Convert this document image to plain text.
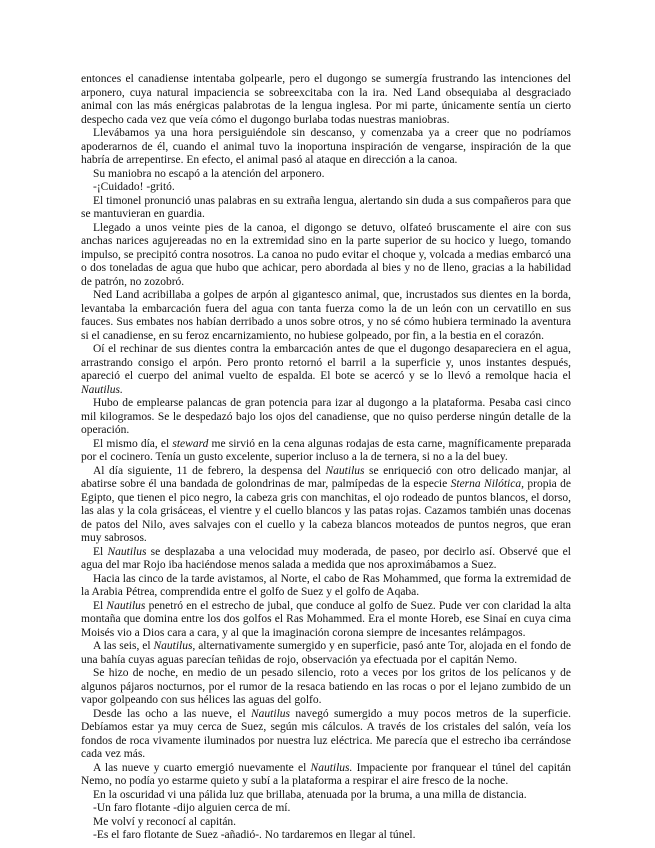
entonces el canadiense intentaba golpearle, pero el dugongo se sumergía frustrando las intenciones del arponero, cuya natural impaciencia se sobreexcitaba con la ira. Ned Land obsequiaba al desgraciado animal con las más enérgicas palabrotas de la lengua inglesa. Por mi parte, únicamente sentía un cierto despecho cada vez que veía cómo el dugongo burlaba todas nuestras maniobras.

Llevábamos ya una hora persiguiéndole sin descanso, y comenzaba ya a creer que no podríamos apoderarnos de él, cuando el animal tuvo la inoportuna inspiración de vengarse, inspiración de la que habría de arrepentirse. En efecto, el animal pasó al ataque en dirección a la canoa.

Su maniobra no escapó a la atención del arponero.

-¡Cuidado! -gritó.

El timonel pronunció unas palabras en su extraña lengua, alertando sin duda a sus compañeros para que se mantuvieran en guardia.

Llegado a unos veinte pies de la canoa, el digongo se detuvo, olfateó bruscamente el aire con sus anchas narices agujereadas no en la extremidad sino en la parte superior de su hocico y luego, tomando impulso, se precipitó contra nosotros. La canoa no pudo evitar el choque y, volcada a medias embarcó una o dos toneladas de agua que hubo que achicar, pero abordada al bies y no de lleno, gracias a la habilidad de patrón, no zozobró.

Ned Land acribillaba a golpes de arpón al gigantesco animal, que, incrustados sus dientes en la borda, levantaba la embarcación fuera del agua con tanta fuerza como la de un león con un cervatillo en sus fauces. Sus embates nos habían derribado a unos sobre otros, y no sé cómo hubiera terminado la aventura si el canadiense, en su feroz encarnizamiento, no hubiese golpeado, por fin, a la bestia en el corazón.

Oí el rechinar de sus dientes contra la embarcación antes de que el dugongo desapareciera en el agua, arrastrando consigo el arpón. Pero pronto retornó el barril a la superficie y, unos instantes después, apareció el cuerpo del animal vuelto de espalda. El bote se acercó y se lo llevó a remolque hacia el Nautilus.

Hubo de emplearse palancas de gran potencia para izar al dugongo a la plataforma. Pesaba casi cinco mil kilogramos. Se le despedazó bajo los ojos del canadiense, que no quiso perderse ningún detalle de la operación.

El mismo día, el steward me sirvió en la cena algunas rodajas de esta carne, magníficamente preparada por el cocinero. Tenía un gusto excelente, superior incluso a la de ternera, si no a la del buey.

Al día siguiente, 11 de febrero, la despensa del Nautilus se enriqueció con otro delicado manjar, al abatirse sobre él una bandada de golondrinas de mar, palmípedas de la especie Sterna Nilótica, propia de Egipto, que tienen el pico negro, la cabeza gris con manchitas, el ojo rodeado de puntos blancos, el dorso, las alas y la cola grisáceas, el vientre y el cuello blancos y las patas rojas. Cazamos también unas docenas de patos del Nilo, aves salvajes con el cuello y la cabeza blancos moteados de puntos negros, que eran muy sabrosos.

El Nautilus se desplazaba a una velocidad muy moderada, de paseo, por decirlo así. Observé que el agua del mar Rojo iba haciéndose menos salada a medida que nos aproximábamos a Suez.

Hacia las cinco de la tarde avistamos, al Norte, el cabo de Ras Mohammed, que forma la extremidad de la Arabia Pétrea, comprendida entre el golfo de Suez y el golfo de Aqaba.

El Nautilus penetró en el estrecho de jubal, que conduce al golfo de Suez. Pude ver con claridad la alta montaña que domina entre los dos golfos el Ras Mohammed. Era el monte Horeb, ese Sinaí en cuya cima Moisés vio a Dios cara a cara, y al que la imaginación corona siempre de incesantes relámpagos.

A las seis, el Nautilus, alternativamente sumergido y en superficie, pasó ante Tor, alojada en el fondo de una bahía cuyas aguas parecían teñidas de rojo, observación ya efectuada por el capitán Nemo.

Se hizo de noche, en medio de un pesado silencio, roto a veces por los gritos de los pelícanos y de algunos pájaros nocturnos, por el rumor de la resaca batiendo en las rocas o por el lejano zumbido de un vapor golpeando con sus hélices las aguas del golfo.

Desde las ocho a las nueve, el Nautilus navegó sumergido a muy pocos metros de la superficie. Debíamos estar ya muy cerca de Suez, según mis cálculos. A través de los cristales del salón, veía los fondos de roca vivamente iluminados por nuestra luz eléctrica. Me parecía que el estrecho iba cerrándose cada vez más.

A las nueve y cuarto emergió nuevamente el Nautilus. Impaciente por franquear el túnel del capitán Nemo, no podía yo estarme quieto y subí a la plataforma a respirar el aire fresco de la noche.

En la oscuridad vi una pálida luz que brillaba, atenuada por la bruma, a una milla de distancia.

-Un faro flotante -dijo alguien cerca de mí.

Me volví y reconocí al capitán.

-Es el faro flotante de Suez -añadió-. No tardaremos en llegar al túnel.
